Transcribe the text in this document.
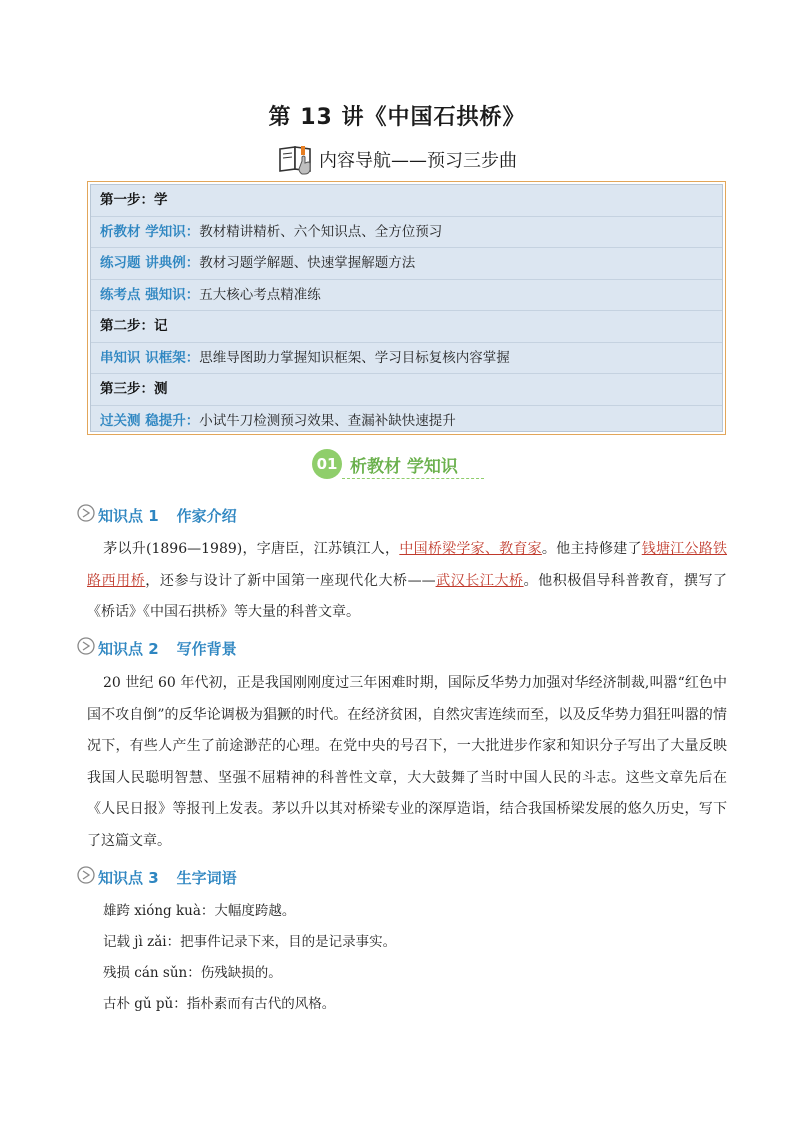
第 13 讲《中国石拱桥》
内容导航——预习三步曲
第一步：学
析教材 学知识：教材精讲精析、六个知识点、全方位预习
练习题 讲典例：教材习题学解题、快速掌握解题方法
练考点 强知识：五大核心考点精准练
第二步：记
串知识 识框架：思维导图助力掌握知识框架、学习目标复核内容掌握
第三步：测
过关测 稳提升：小试牛刀检测预习效果、查漏补缺快速提升
01 析教材 学知识
知识点 1 作家介绍
茅以升(1896—1989)，字唐臣，江苏镇江人，中国桥梁学家、教育家。他主持修建了钱塘江公路铁路西用桥，还参与设计了新中国第一座现代化大桥——武汉长江大桥。他积极倡导科普教育，撰写了《桥话》《中国石拱桥》等大量的科普文章。
知识点 2 写作背景
20 世纪 60 年代初，正是我国刚刚度过三年困难时期，国际反华势力加强对华经济制裁,叫嚣“红色中国不攻自倒”的反华论调极为猖獗的时代。在经济贫困，自然灾害连续而至，以及反华势力猖狂叫嚣的情况下，有些人产生了前途渺茫的心理。在党中央的号召下，一大批进步作家和知识分子写出了大量反映我国人民聪明智慧、坚强不屈精神的科普性文章，大大鼓舞了当时中国人民的斗志。这些文章先后在《人民日报》等报刊上发表。茅以升以其对桥梁专业的深厚造诣，结合我国桥梁发展的悠久历史，写下了这篇文章。
知识点 3 生字词语
雄跨 xióng kuà：大幅度跨越。
记载 jì zǎi：把事件记录下来，目的是记录事实。
残损 cán sǔn：伤残缺损的。
古朴 gǔ pǔ：指朴素而有古代的风格。
